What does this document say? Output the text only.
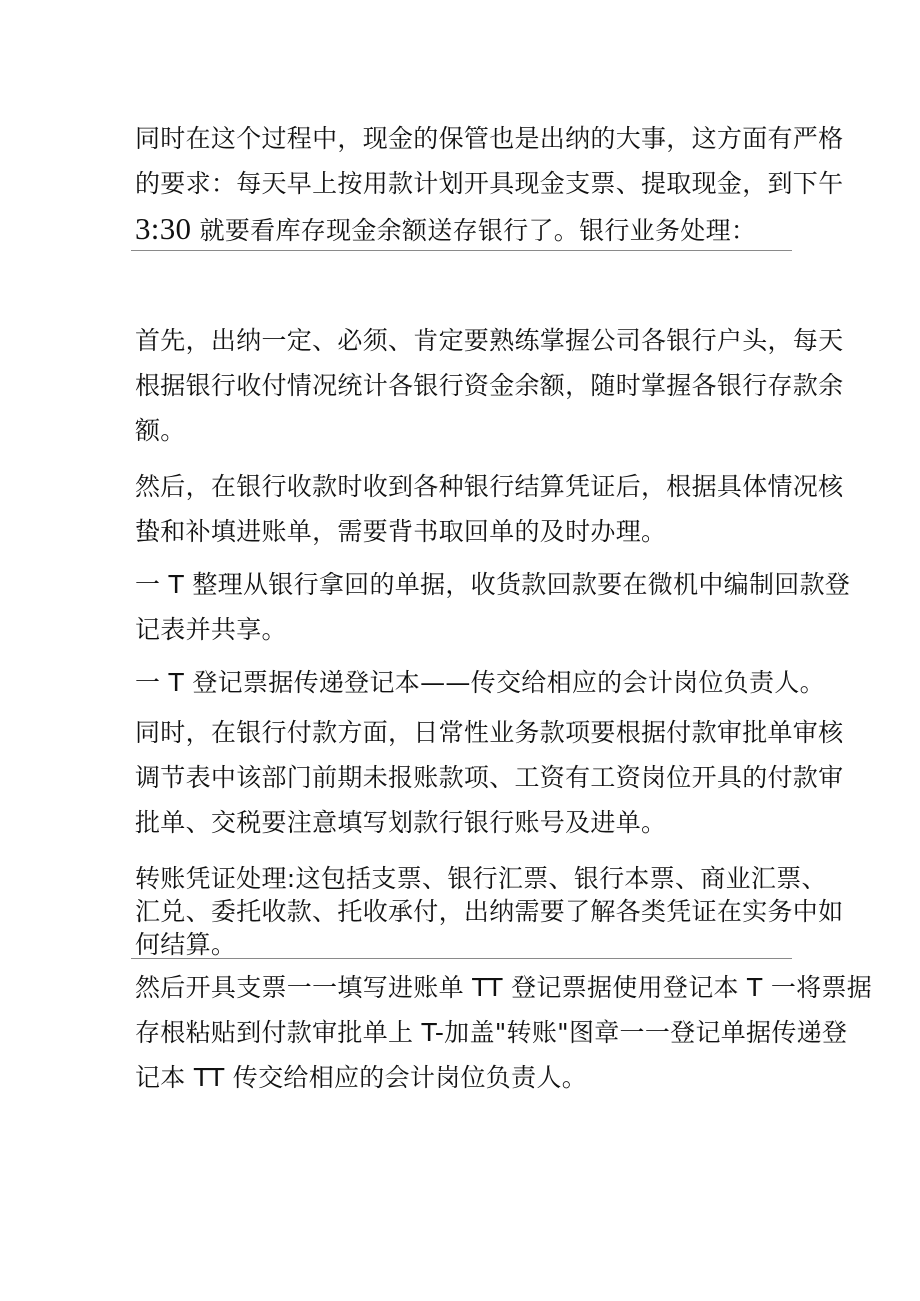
同时在这个过程中，现金的保管也是出纳的大事，这方面有严格
的要求：每天早上按用款计划开具现金支票、提取现金，到下午
3:30 就要看库存现金余额送存银行了。银行业务处理：

首先，出纳一定、必须、肯定要熟练掌握公司各银行户头，每天
根据银行收付情况统计各银行资金余额，随时掌握各银行存款余
额。

然后，在银行收款时收到各种银行结算凭证后，根据具体情况核
蛰和补填进账单，需要背书取回单的及时办理。

一 T 整理从银行拿回的单据，收货款回款要在微机中编制回款登
记表并共享。

一 T 登记票据传递登记本——传交给相应的会计岗位负责人。

同时，在银行付款方面，日常性业务款项要根据付款审批单审核
调节表中该部门前期未报账款项、工资有工资岗位开具的付款审
批单、交税要注意填写划款行银行账号及进单。

转账凭证处理:这包括支票、银行汇票、银行本票、商业汇票、
汇兑、委托收款、托收承付，出纳需要了解各类凭证在实务中如
何结算。

然后开具支票一一填写进账单 TT 登记票据使用登记本 T 一将票据
存根粘贴到付款审批单上 T-加盖"转账"图章一一登记单据传递登
记本 TT 传交给相应的会计岗位负责人。
